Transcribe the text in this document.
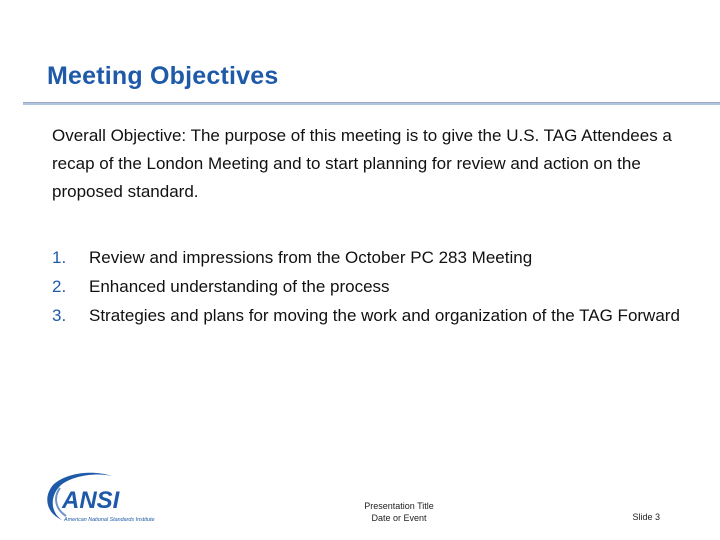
Meeting Objectives

Overall Objective: The purpose of this meeting is to give the U.S. TAG Attendees a recap of the London Meeting and to start planning for review and action on the proposed standard.

1.	Review and impressions from the October PC 283 Meeting
2.	Enhanced understanding of the process
3.	Strategies and plans for moving the work and organization of the TAG Forward
ANSI
American National Standards Institute
Presentation Title
Date or Event	Slide 3
